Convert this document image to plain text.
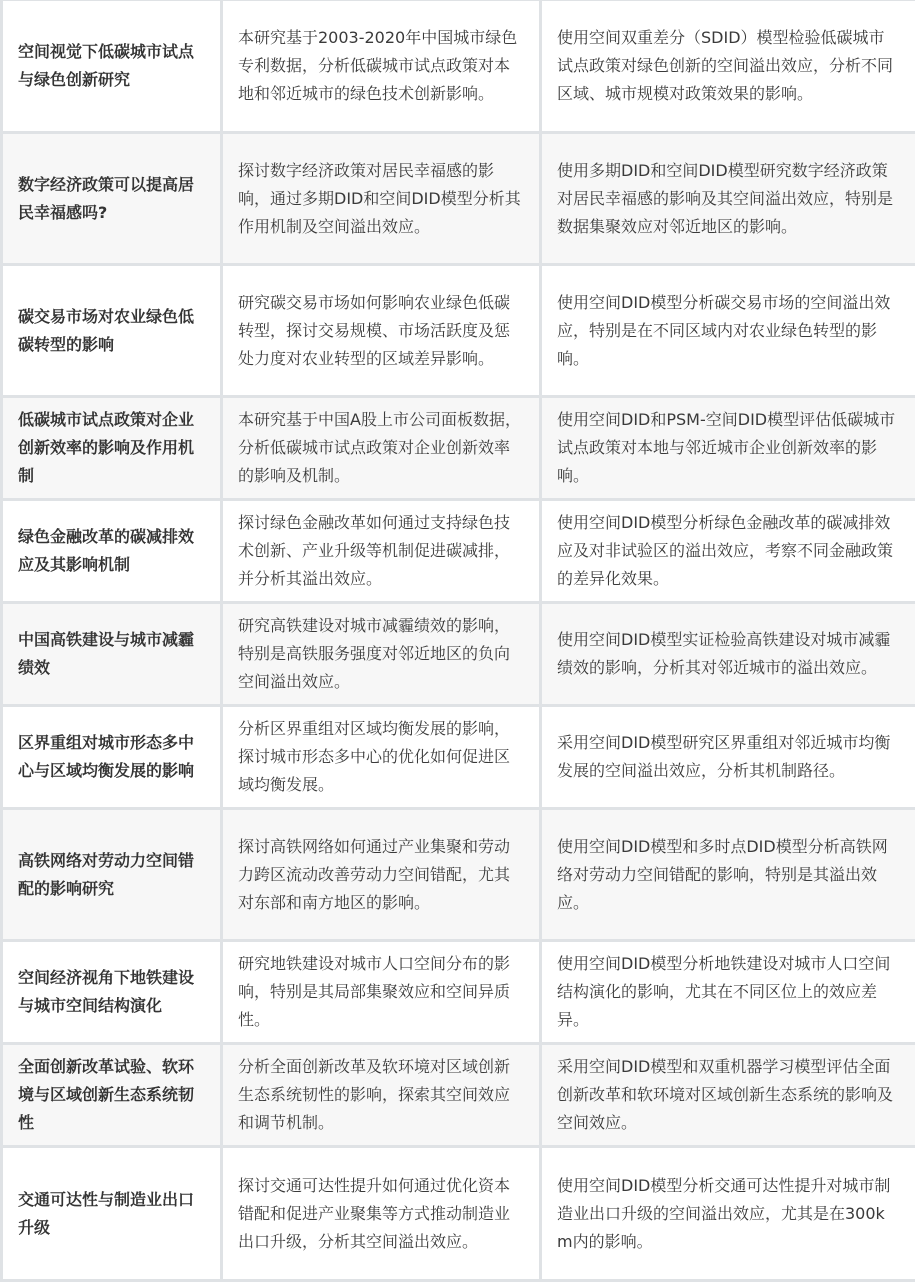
空间视觉下低碳城市试点与绿色创新研究	本研究基于2003-2020年中国城市绿色专利数据，分析低碳城市试点政策对本地和邻近城市的绿色技术创新影响。	使用空间双重差分（SDID）模型检验低碳城市试点政策对绿色创新的空间溢出效应，分析不同区域、城市规模对政策效果的影响。
数字经济政策可以提高居民幸福感吗?	探讨数字经济政策对居民幸福感的影响，通过多期DID和空间DID模型分析其作用机制及空间溢出效应。	使用多期DID和空间DID模型研究数字经济政策对居民幸福感的影响及其空间溢出效应，特别是数据集聚效应对邻近地区的影响。
碳交易市场对农业绿色低碳转型的影响	研究碳交易市场如何影响农业绿色低碳转型，探讨交易规模、市场活跃度及惩处力度对农业转型的区域差异影响。	使用空间DID模型分析碳交易市场的空间溢出效应，特别是在不同区域内对农业绿色转型的影响。
低碳城市试点政策对企业创新效率的影响及作用机制	本研究基于中国A股上市公司面板数据，分析低碳城市试点政策对企业创新效率的影响及机制。	使用空间DID和PSM-空间DID模型评估低碳城市试点政策对本地与邻近城市企业创新效率的影响。
绿色金融改革的碳减排效应及其影响机制	探讨绿色金融改革如何通过支持绿色技术创新、产业升级等机制促进碳减排，并分析其溢出效应。	使用空间DID模型分析绿色金融改革的碳减排效应及对非试验区的溢出效应，考察不同金融政策的差异化效果。
中国高铁建设与城市减霾绩效	研究高铁建设对城市减霾绩效的影响，特别是高铁服务强度对邻近地区的负向空间溢出效应。	使用空间DID模型实证检验高铁建设对城市减霾绩效的影响，分析其对邻近城市的溢出效应。
区界重组对城市形态多中心与区域均衡发展的影响	分析区界重组对区域均衡发展的影响，探讨城市形态多中心的优化如何促进区域均衡发展。	采用空间DID模型研究区界重组对邻近城市均衡发展的空间溢出效应，分析其机制路径。
高铁网络对劳动力空间错配的影响研究	探讨高铁网络如何通过产业集聚和劳动力跨区流动改善劳动力空间错配，尤其对东部和南方地区的影响。	使用空间DID模型和多时点DID模型分析高铁网络对劳动力空间错配的影响，特别是其溢出效应。
空间经济视角下地铁建设与城市空间结构演化	研究地铁建设对城市人口空间分布的影响，特别是其局部集聚效应和空间异质性。	使用空间DID模型分析地铁建设对城市人口空间结构演化的影响，尤其在不同区位上的效应差异。
全面创新改革试验、软环境与区域创新生态系统韧性	分析全面创新改革及软环境对区域创新生态系统韧性的影响，探索其空间效应和调节机制。	采用空间DID模型和双重机器学习模型评估全面创新改革和软环境对区域创新生态系统的影响及空间效应。
交通可达性与制造业出口升级	探讨交通可达性提升如何通过优化资本错配和促进产业聚集等方式推动制造业出口升级，分析其空间溢出效应。	使用空间DID模型分析交通可达性提升对城市制造业出口升级的空间溢出效应，尤其是在300km内的影响。
